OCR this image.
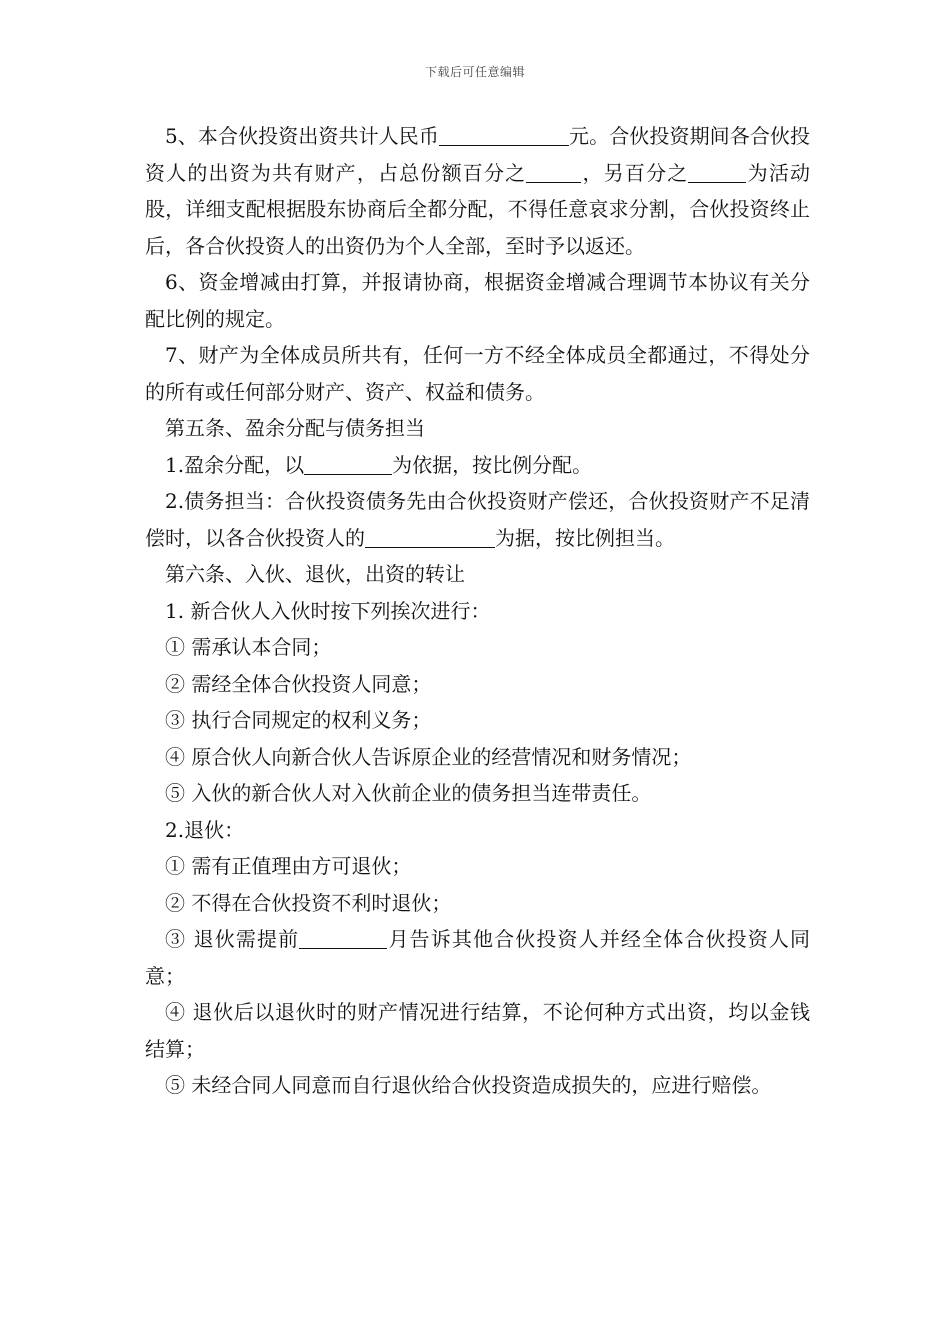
下载后可任意编辑

5、本合伙投资出资共计人民币	元。合伙投资期间各合伙投资人的出资为共有财产，占总份额百分之	，另百分之	为活动股，详细支配根据股东协商后全都分配，不得任意哀求分割，合伙投资终止后，各合伙投资人的出资仍为个人全部，至时予以返还。

6、资金增减由打算，并报请协商，根据资金增减合理调节本协议有关分配比例的规定。

7、财产为全体成员所共有，任何一方不经全体成员全都通过，不得处分的所有或任何部分财产、资产、权益和债务。

第五条、盈余分配与债务担当

1.盈余分配，以	为依据，按比例分配。

2.债务担当：合伙投资债务先由合伙投资财产偿还，合伙投资财产不足清偿时，以各合伙投资人的	为据，按比例担当。

第六条、入伙、退伙，出资的转让

1. 新合伙人入伙时按下列挨次进行：

① 需承认本合同；

② 需经全体合伙投资人同意；

③ 执行合同规定的权利义务；

④ 原合伙人向新合伙人告诉原企业的经营情况和财务情况；

⑤ 入伙的新合伙人对入伙前企业的债务担当连带责任。

2.退伙：

① 需有正值理由方可退伙；

② 不得在合伙投资不利时退伙；

③ 退伙需提前	月告诉其他合伙投资人并经全体合伙投资人同意；

④ 退伙后以退伙时的财产情况进行结算，不论何种方式出资，均以金钱结算；

⑤ 未经合同人同意而自行退伙给合伙投资造成损失的，应进行赔偿。
